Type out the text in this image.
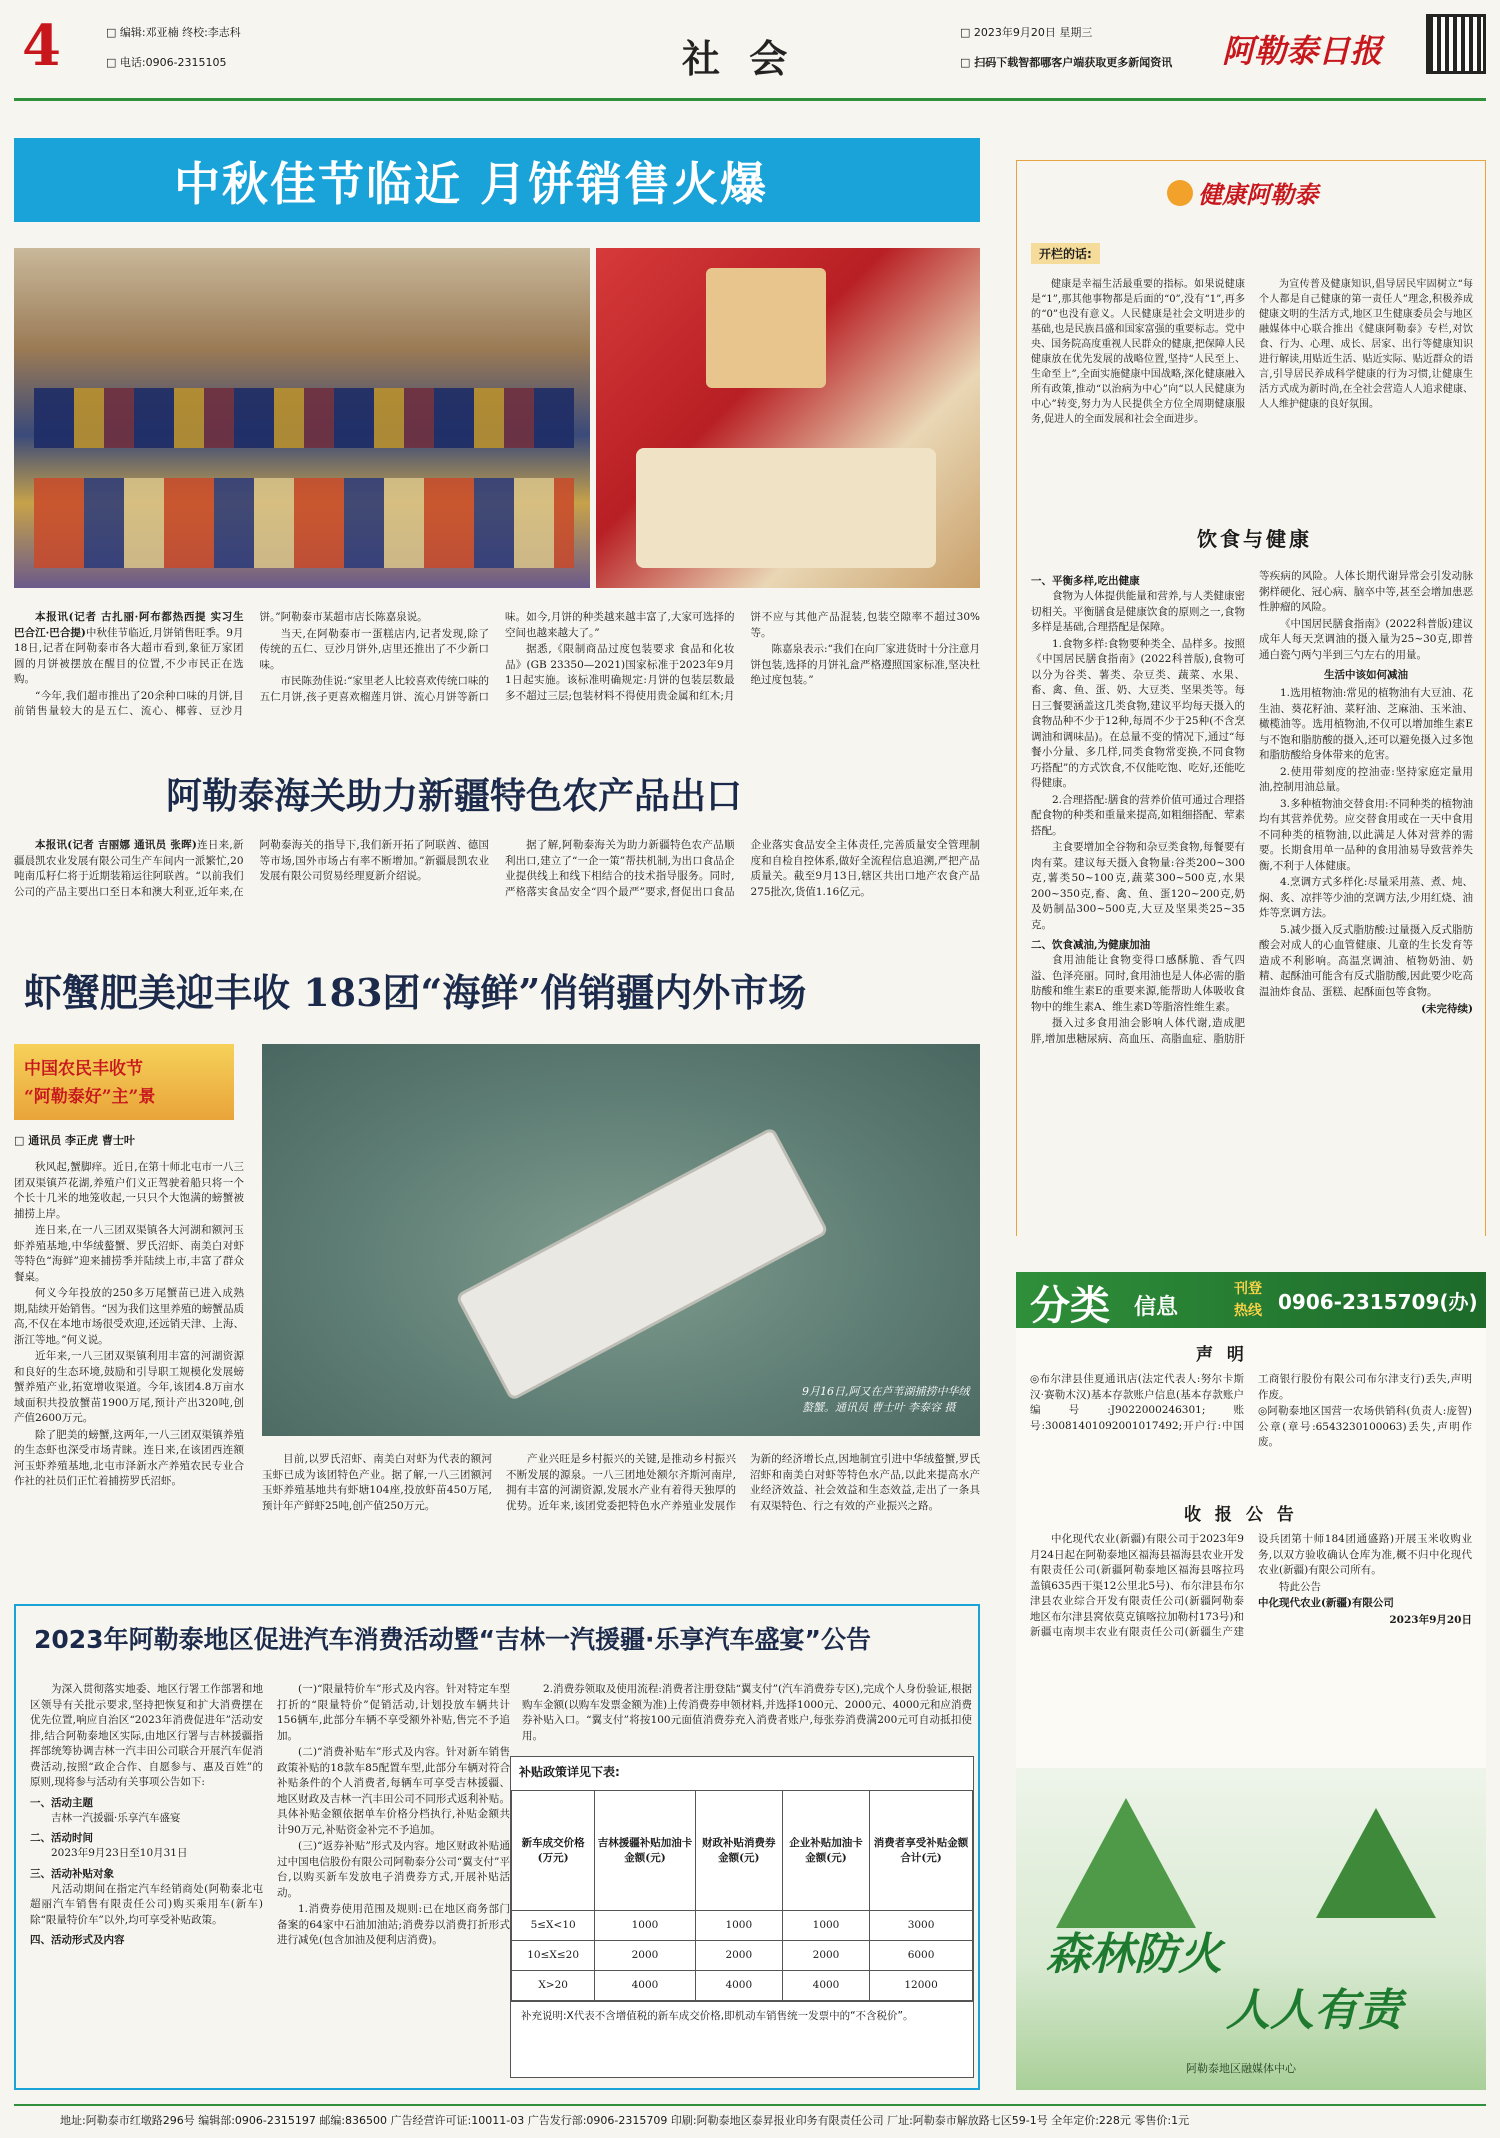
4	□ 编辑:邓亚楠 终校:李志科
□ 电话:0906-2315105	社 会
□ 2023年9月20日 星期三
□ 扫码下载智都哪客户端获取更多新闻资讯 阿勒泰日报
中秋佳节临近 月饼销售火爆

本报讯(记者 古扎丽·阿布都热西提 实习生 巴合江·巴合提)中秋佳节临近,月饼销售旺季。9月18日,记者在阿勒泰市各大超市看到,象征万家团圆的月饼被摆放在醒目的位置,不少市民正在选购。

“今年,我们超市推出了20余种口味的月饼,目前销售量较大的是五仁、流心、椰蓉、豆沙月饼。”阿勒泰市某超市店长陈嘉泉说。

当天,在阿勒泰市一蛋糕店内,记者发现,除了传统的五仁、豆沙月饼外,店里还推出了不少新口味。

市民陈劲佳说:“家里老人比较喜欢传统口味的五仁月饼,孩子更喜欢榴莲月饼、流心月饼等新口味。如今,月饼的种类越来越丰富了,大家可选择的空间也越来越大了。”

据悉,《限制商品过度包装要求 食品和化妆品》(GB 23350—2021)国家标准于2023年9月1日起实施。该标准明确规定:月饼的包装层数最多不超过三层;包装材料不得使用贵金属和红木;月饼不应与其他产品混装,包装空隙率不超过30%等。

陈嘉泉表示:“我们在向厂家进货时十分注意月饼包装,选择的月饼礼盒严格遵照国家标准,坚决杜绝过度包装。”

阿勒泰海关助力新疆特色农产品出口

本报讯(记者 吉丽娜 通讯员 张晖)连日来,新疆晨凯农业发展有限公司生产车间内一派繁忙,20吨南瓜籽仁将于近期装箱运往阿联酋。“以前我们公司的产品主要出口至日本和澳大利亚,近年来,在阿勒泰海关的指导下,我们新开拓了阿联酋、德国等市场,国外市场占有率不断增加。”新疆晨凯农业发展有限公司贸易经理夏新介绍说。

据了解,阿勒泰海关为助力新疆特色农产品顺利出口,建立了“一企一策”帮扶机制,为出口食品企业提供线上和线下相结合的技术指导服务。同时,严格落实食品安全“四个最严”要求,督促出口食品企业落实食品安全主体责任,完善质量安全管理制度和自检自控体系,做好全流程信息追溯,严把产品质量关。截至9月13日,辖区共出口地产农食产品275批次,货值1.16亿元。

虾蟹肥美迎丰收 183团“海鲜”俏销疆内外市场
中国农民丰收节
“阿勒泰好”主”景
□ 通讯员 李正虎 曹士叶
9月16日,阿又在芦苇湖捕捞中华绒螯蟹。通讯员 曹士叶 李泰容 摄

秋风起,蟹脚痒。近日,在第十师北屯市一八三团双渠镇芦花湖,养殖户们义正驾驶着船只将一个个长十几米的地笼收起,一只只个大饱满的螃蟹被捕捞上岸。

连日来,在一八三团双渠镇各大河湖和额河玉虾养殖基地,中华绒螯蟹、罗氏沼虾、南美白对虾等特色“海鲜”迎来捕捞季并陆续上市,丰富了群众餐桌。

何义今年投放的250多万尾蟹苗已进入成熟期,陆续开始销售。“因为我们这里养殖的螃蟹品质高,不仅在本地市场很受欢迎,还远销天津、上海、浙江等地。”何义说。

近年来,一八三团双渠镇利用丰富的河湖资源和良好的生态环境,鼓励和引导职工规模化发展螃蟹养殖产业,拓宽增收渠道。今年,该团4.8万亩水域面积共投放蟹苗1900万尾,预计产出320吨,创产值2600万元。

除了肥美的螃蟹,这两年,一八三团双渠镇养殖的生态虾也深受市场青睐。连日来,在该团西连额河玉虾养殖基地,北屯市泽新水产养殖农民专业合作社的社员们正忙着捕捞罗氏沼虾。

目前,以罗氏沼虾、南美白对虾为代表的额河玉虾已成为该团特色产业。据了解,一八三团额河玉虾养殖基地共有虾塘104座,投放虾苗450万尾,预计年产鲜虾25吨,创产值250万元。

产业兴旺是乡村振兴的关键,是推动乡村振兴不断发展的源泉。一八三团地处额尔齐斯河南岸,拥有丰富的河湖资源,发展水产业有着得天独厚的优势。近年来,该团党委把特色水产养殖业发展作为新的经济增长点,因地制宜引进中华绒螯蟹,罗氏沼虾和南美白对虾等特色水产品,以此来提高水产业经济效益、社会效益和生态效益,走出了一条具有双渠特色、行之有效的产业振兴之路。

2023年阿勒泰地区促进汽车消费活动暨“吉林一汽援疆·乐享汽车盛宴”公告

为深入贯彻落实地委、地区行署工作部署和地区领导有关批示要求,坚持把恢复和扩大消费摆在优先位置,响应自治区“2023年消费促进年”活动安排,结合阿勒泰地区实际,由地区行署与吉林援疆指挥部统筹协调吉林一汽丰田公司联合开展汽车促消费活动,按照“政企合作、自愿参与、惠及百姓”的原则,现将参与活动有关事项公告如下:

一、活动主题

吉林一汽援疆·乐享汽车盛宴

二、活动时间

2023年9月23日至10月31日

三、活动补贴对象

凡活动期间在指定汽车经销商处(阿勒泰北屯超丽汽车销售有限责任公司)购买乘用车(新车)除“限量特价车”以外,均可享受补贴政策。

四、活动形式及内容

(一)“限量特价车”形式及内容。针对特定车型打折的“限量特价”促销活动,计划投放车辆共计156辆车,此部分车辆不享受额外补贴,售完不予追加。

(二)“消费补贴车”形式及内容。针对新车销售政策补贴的18款车85配置车型,此部分车辆对符合补贴条件的个人消费者,每辆车可享受吉林援疆、地区财政及吉林一汽丰田公司不同形式返利补贴。具体补贴金额依据单车价格分档执行,补贴金额共计90万元,补贴资金补完不予追加。

(三)“返券补贴”形式及内容。地区财政补贴通过中国电信股份有限公司阿勒泰分公司“翼支付”平台,以购买新车发放电子消费券方式,开展补贴活动。

1.消费券使用范围及规则:已在地区商务部门备案的64家中石油加油站;消费券以消费打折形式进行减免(包含加油及便利店消费)。

2.消费券领取及使用流程:消费者注册登陆“翼支付”(汽车消费券专区),完成个人身份验证,根据购车金额(以购车发票金额为准)上传消费券申领材料,并选择1000元、2000元、4000元和应消费券补贴入口。“翼支付”将按100元面值消费券充入消费者账户,每张券消费满200元可自动抵扣使用。

补贴政策详见下表:
新车成交价格(万元)	吉林援疆补贴加油卡金额(元)	财政补贴消费券金额(元)	企业补贴加油卡金额(元)	消费者享受补贴金额合计(元)
5≤X<10	1000	1000	1000	3000
10≤X≤20	2000	2000	2000	6000
X>20	4000	4000	4000	12000
补充说明:X代表不含增值税的新车成交价格,即机动车销售统一发票中的“不含税价”。
健康阿勒泰
开栏的话:

健康是幸福生活最重要的指标。如果说健康是“1”,那其他事物都是后面的“0”,没有“1”,再多的“0”也没有意义。人民健康是社会文明进步的基础,也是民族昌盛和国家富强的重要标志。党中央、国务院高度重视人民群众的健康,把保障人民健康放在优先发展的战略位置,坚持“人民至上、生命至上”,全面实施健康中国战略,深化健康融入所有政策,推动“以治病为中心”向“以人民健康为中心”转变,努力为人民提供全方位全周期健康服务,促进人的全面发展和社会全面进步。

为宣传普及健康知识,倡导居民牢固树立“每个人都是自己健康的第一责任人”理念,积极养成健康文明的生活方式,地区卫生健康委员会与地区融媒体中心联合推出《健康阿勒泰》专栏,对饮食、行为、心理、成长、居家、出行等健康知识进行解读,用贴近生活、贴近实际、贴近群众的语言,引导居民养成科学健康的行为习惯,让健康生活方式成为新时尚,在全社会营造人人追求健康、人人维护健康的良好氛围。

饮食与健康
一、平衡多样,吃出健康

食物为人体提供能量和营养,与人类健康密切相关。平衡膳食是健康饮食的原则之一,食物多样是基础,合理搭配是保障。

1.食物多样:食物要种类全、品样多。按照《中国居民膳食指南》(2022科普版),食物可以分为谷类、薯类、杂豆类、蔬菜、水果、畜、禽、鱼、蛋、奶、大豆类、坚果类等。每日三餐要涵盖这几类食物,建议平均每天摄入的食物品种不少于12种,每周不少于25种(不含烹调油和调味品)。在总量不变的情况下,通过“每餐小分量、多几样,同类食物常变换,不同食物巧搭配”的方式饮食,不仅能吃饱、吃好,还能吃得健康。

2.合理搭配:膳食的营养价值可通过合理搭配食物的种类和重量来提高,如粗细搭配、荤素搭配。

主食要增加全谷物和杂豆类食物,每餐要有肉有菜。建议每天摄入食物量:谷类200~300克,薯类50~100克,蔬菜300~500克,水果200~350克,畜、禽、鱼、蛋120~200克,奶及奶制品300~500克,大豆及坚果类25~35克。

二、饮食减油,为健康加油

食用油能让食物变得口感酥脆、香气四溢、色泽亮丽。同时,食用油也是人体必需的脂肪酸和维生素E的重要来源,能帮助人体吸收食物中的维生素A、维生素D等脂溶性维生素。

摄入过多食用油会影响人体代谢,造成肥胖,增加患糖尿病、高血压、高脂血症、脂肪肝等疾病的风险。人体长期代谢异常会引发动脉粥样硬化、冠心病、脑卒中等,甚至会增加患恶性肿瘤的风险。

《中国居民膳食指南》(2022科普版)建议成年人每天烹调油的摄入量为25~30克,即普通白瓷勺两勺半到三勺左右的用量。

生活中该如何减油

1.选用植物油:常见的植物油有大豆油、花生油、葵花籽油、菜籽油、芝麻油、玉米油、橄榄油等。选用植物油,不仅可以增加维生素E与不饱和脂肪酸的摄入,还可以避免摄入过多饱和脂肪酸给身体带来的危害。

2.使用带刻度的控油壶:坚持家庭定量用油,控制用油总量。

3.多种植物油交替食用:不同种类的植物油均有其营养优势。应交替食用或在一天中食用不同种类的植物油,以此满足人体对营养的需要。长期食用单一品种的食用油易导致营养失衡,不利于人体健康。

4.烹调方式多样化:尽量采用蒸、煮、炖、焖、炙、凉拌等少油的烹调方法,少用红烧、油炸等烹调方法。

5.减少摄入反式脂肪酸:过量摄入反式脂肪酸会对成人的心血管健康、儿童的生长发育等造成不利影响。高温烹调油、植物奶油、奶精、起酥油可能含有反式脂肪酸,因此要少吃高温油炸食品、蛋糕、起酥面包等食物。

(未完待续)
分类 信息
刊登
热线 0906-2315709(办)
声 明

◎布尔津县佳夏通讯店(法定代表人:努尔卡斯汉·赛勒木汉)基本存款账户信息(基本存款账户编号:J9022000246301;账号:30081401092001017492;开户行:中国工商银行股份有限公司布尔津支行)丢失,声明作废。

◎阿勒泰地区国营一农场供销科(负责人:庞智)公章(章号:6543230100063)丢失,声明作废。

收 报 公 告

中化现代农业(新疆)有限公司于2023年9月24日起在阿勒泰地区福海县福海县农业开发有限责任公司(新疆阿勒泰地区福海县喀拉玛盖镇635西干渠12公里北5号)、布尔津县布尔津县农业综合开发有限责任公司(新疆阿勒泰地区布尔津县窝依莫克镇喀拉加勒村173号)和新疆屯南坝丰农业有限责任公司(新疆生产建设兵团第十师184团通盛路)开展玉米收购业务,以双方验收确认仓库为准,概不归中化现代农业(新疆)有限公司所有。

特此公告

中化现代农业(新疆)有限公司

2023年9月20日

森林防火
人人有责
阿勒泰地区融媒体中心
地址:阿勒泰市红墩路296号 编辑部:0906-2315197 邮编:836500 广告经营许可证:10011-03 广告发行部:0906-2315709 印刷:阿勒泰地区泰昇报业印务有限责任公司 厂址:阿勒泰市解放路七区59-1号 全年定价:228元 零售价:1元
